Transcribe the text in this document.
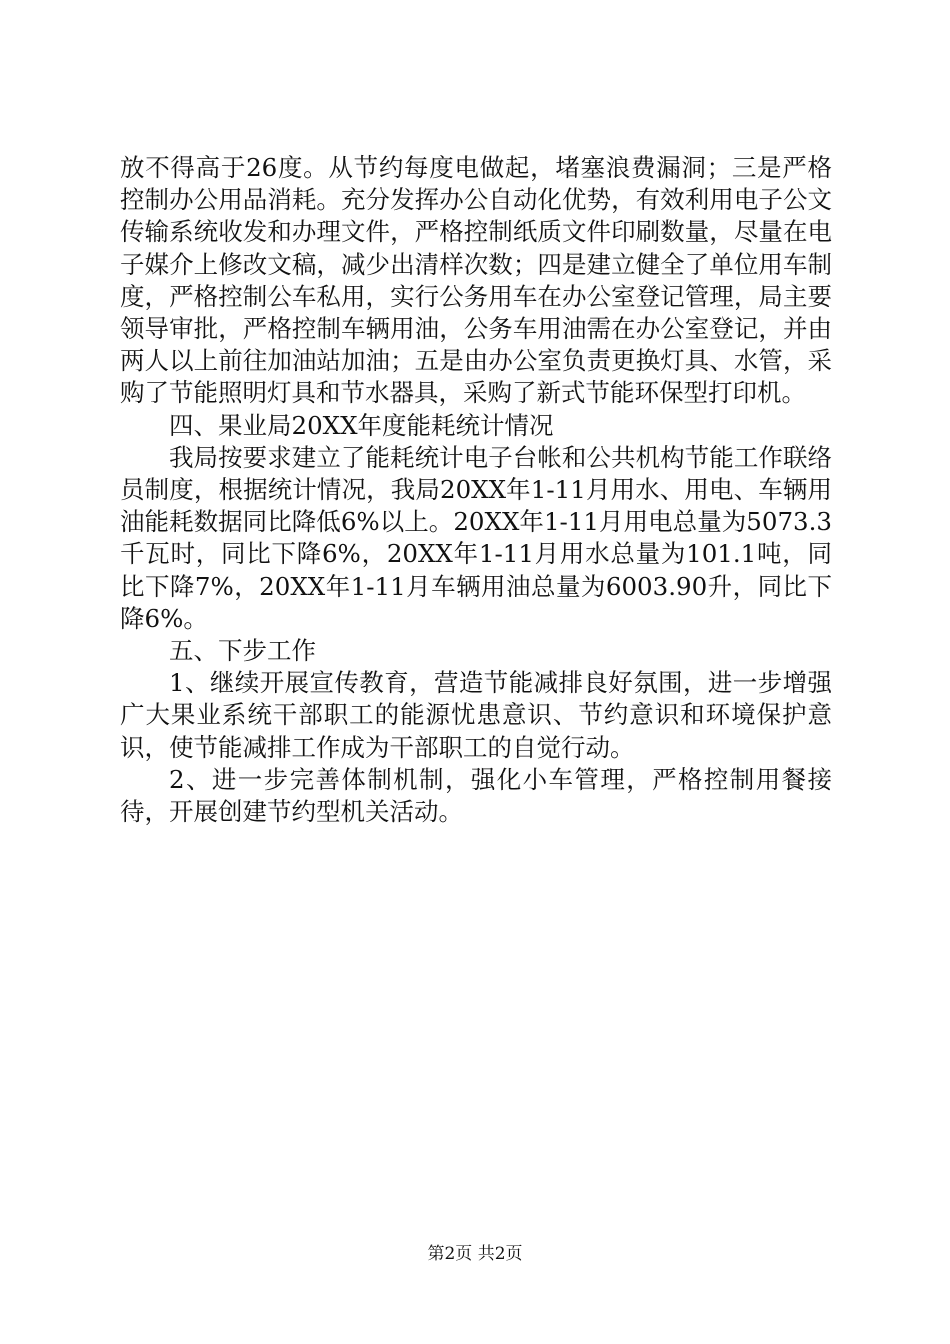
放不得高于26度。从节约每度电做起，堵塞浪费漏洞；三是严格控制办公用品消耗。充分发挥办公自动化优势，有效利用电子公文传输系统收发和办理文件，严格控制纸质文件印刷数量，尽量在电子媒介上修改文稿，减少出清样次数；四是建立健全了单位用车制度，严格控制公车私用，实行公务用车在办公室登记管理，局主要领导审批，严格控制车辆用油，公务车用油需在办公室登记，并由两人以上前往加油站加油；五是由办公室负责更换灯具、水管，采购了节能照明灯具和节水器具，采购了新式节能环保型打印机。

四、果业局20XX年度能耗统计情况

我局按要求建立了能耗统计电子台帐和公共机构节能工作联络员制度，根据统计情况，我局20XX年1-11月用水、用电、车辆用油能耗数据同比降低6%以上。20XX年1-11月用电总量为5073.3千瓦时，同比下降6%，20XX年1-11月用水总量为101.1吨，同比下降7%，20XX年1-11月车辆用油总量为6003.90升，同比下降6%。

五、下步工作

1、继续开展宣传教育，营造节能减排良好氛围，进一步增强广大果业系统干部职工的能源忧患意识、节约意识和环境保护意识，使节能减排工作成为干部职工的自觉行动。

2、进一步完善体制机制，强化小车管理，严格控制用餐接待，开展创建节约型机关活动。

第2页 共2页
